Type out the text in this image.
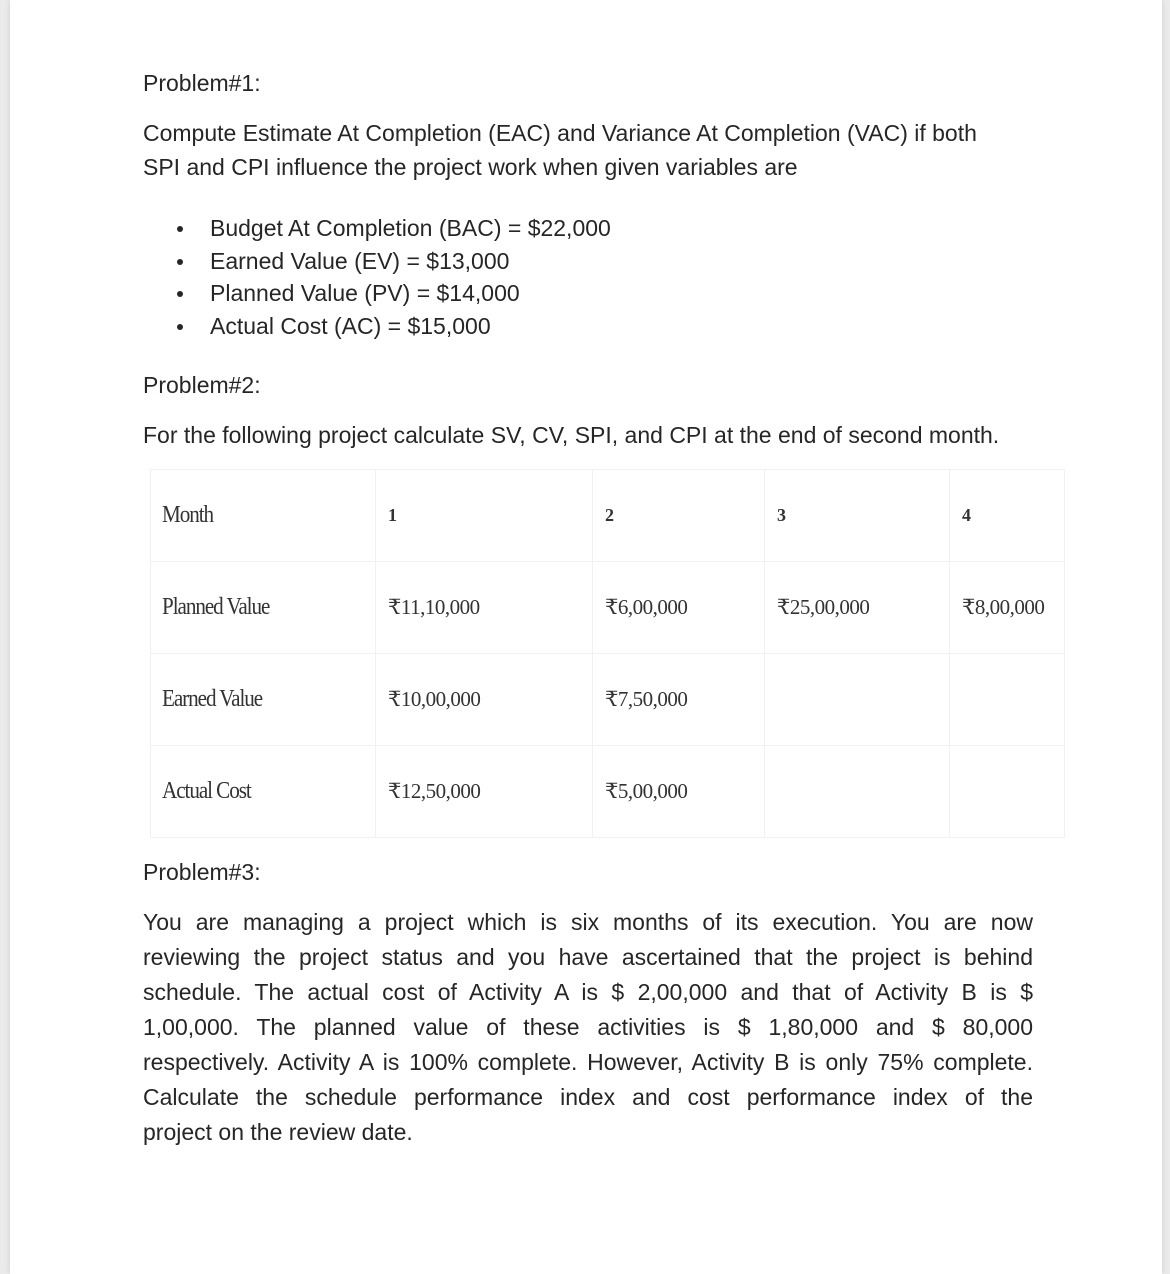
Problem#1:

Compute Estimate At Completion (EAC) and Variance At Completion (VAC) if both

SPI and CPI influence the project work when given variables are

Budget At Completion (BAC) = $22,000
Earned Value (EV) = $13,000
Planned Value (PV) = $14,000
Actual Cost (AC) = $15,000

Problem#2:

For the following project calculate SV, CV, SPI, and CPI at the end of second month.

Month	1	2	3	4
Planned Value	₹11,10,000	₹6,00,000	₹25,00,000	₹8,00,000
Earned Value	₹10,00,000	₹7,50,000		
Actual Cost	₹12,50,000	₹5,00,000		

Problem#3:

You are managing a project which is six months of its execution. You are now
reviewing the project status and you have ascertained that the project is behind
schedule. The actual cost of Activity A is $ 2,00,000 and that of Activity B is $
1,00,000. The planned value of these activities is $ 1,80,000 and $ 80,000
respectively. Activity A is 100% complete. However, Activity B is only 75% complete.
Calculate the schedule performance index and cost performance index of the
project on the review date.
